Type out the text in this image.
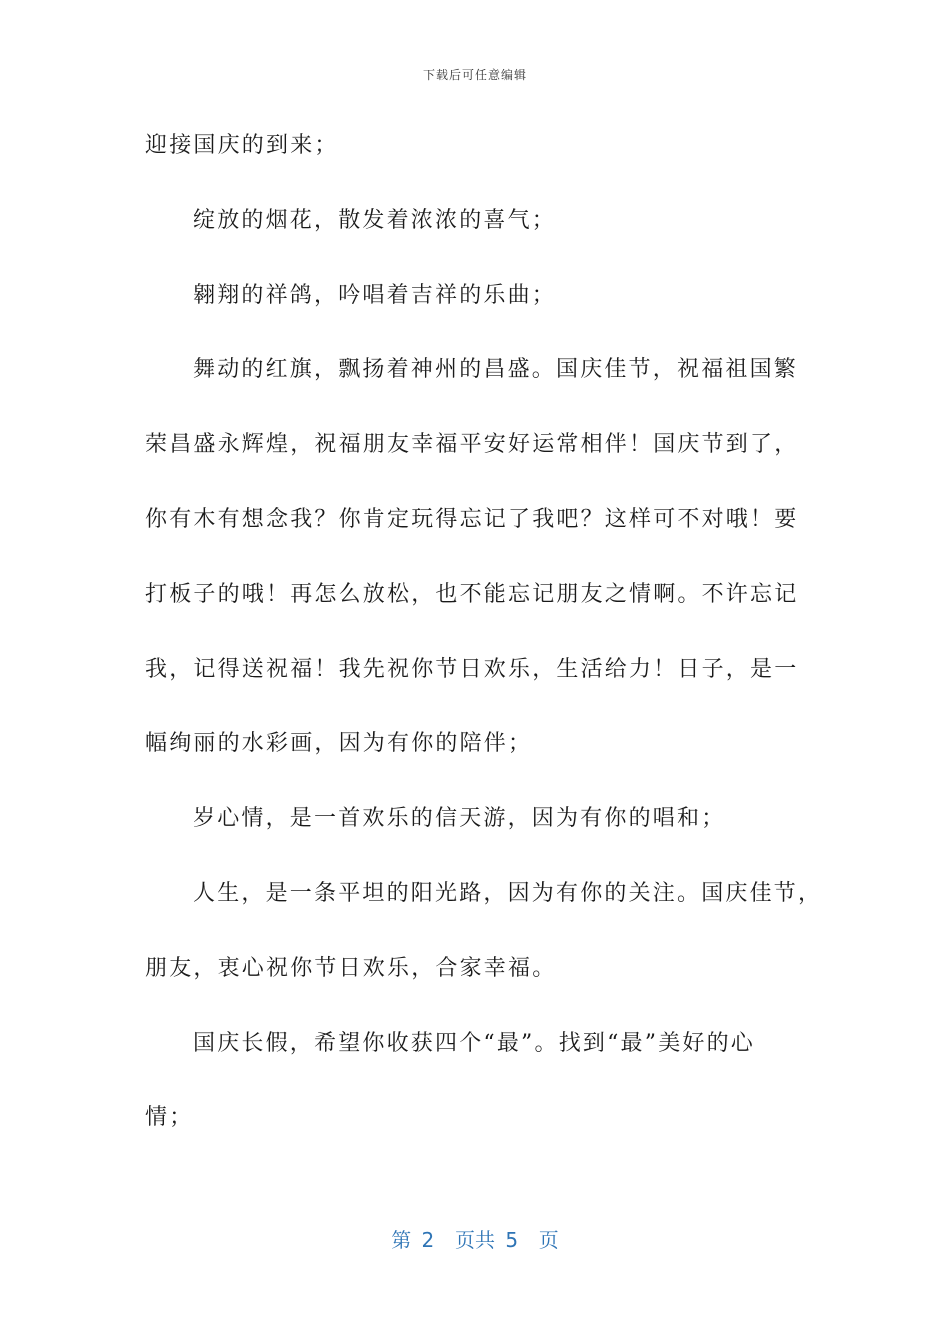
下载后可任意编辑
迎接国庆的到来；
绽放的烟花，散发着浓浓的喜气；
翱翔的祥鸽，吟唱着吉祥的乐曲；
舞动的红旗，飘扬着神州的昌盛。国庆佳节，祝福祖国繁
荣昌盛永辉煌，祝福朋友幸福平安好运常相伴！国庆节到了，
你有木有想念我？你肯定玩得忘记了我吧？这样可不对哦！要
打板子的哦！再怎么放松，也不能忘记朋友之情啊。不许忘记
我，记得送祝福！我先祝你节日欢乐，生活给力！日子，是一
幅绚丽的水彩画，因为有你的陪伴；
岁心情，是一首欢乐的信天游，因为有你的唱和；
人生，是一条平坦的阳光路，因为有你的关注。国庆佳节，
朋友，衷心祝你节日欢乐，合家幸福。
国庆长假，希望你收获四个“最”。找到“最”美好的心
情；
第 2  页共 5  页
